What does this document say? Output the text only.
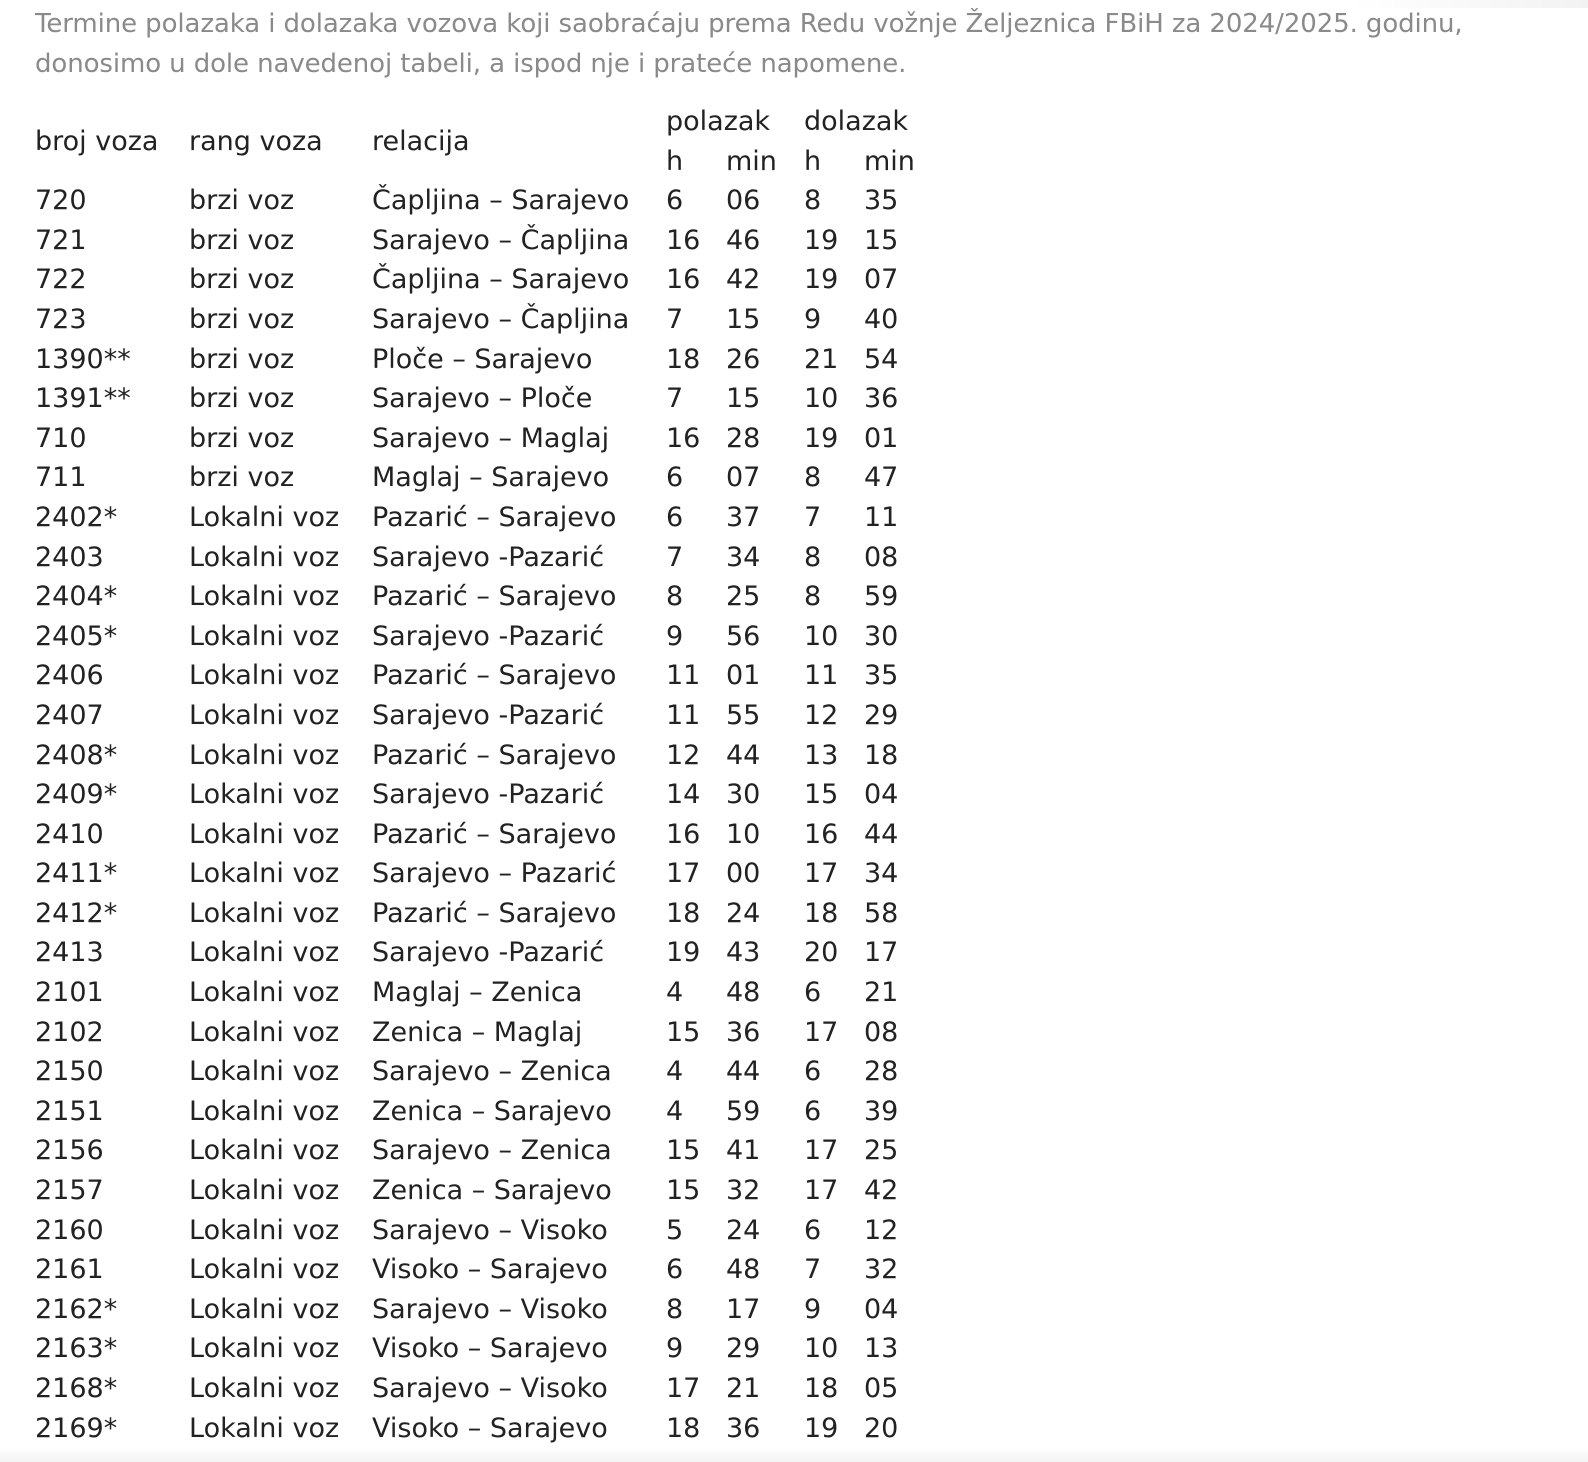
Termine polazaka i dolazaka vozova koji saobraćaju prema Redu vožnje Željeznica FBiH za 2024/2025. godinu, donosimo u dole navedenoj tabeli, a ispod nje i prateće napomene.

broj voza	rang voza	relacija	polazak		dolazak	
			h	min	h	min
720	brzi voz	Čapljina – Sarajevo	6	06	8	35
721	brzi voz	Sarajevo – Čapljina	16	46	19	15
722	brzi voz	Čapljina – Sarajevo	16	42	19	07
723	brzi voz	Sarajevo – Čapljina	7	15	9	40
1390**	brzi voz	Ploče – Sarajevo	18	26	21	54
1391**	brzi voz	Sarajevo – Ploče	7	15	10	36
710	brzi voz	Sarajevo – Maglaj	16	28	19	01
711	brzi voz	Maglaj – Sarajevo	6	07	8	47
2402*	Lokalni voz	Pazarić – Sarajevo	6	37	7	11
2403	Lokalni voz	Sarajevo -Pazarić	7	34	8	08
2404*	Lokalni voz	Pazarić – Sarajevo	8	25	8	59
2405*	Lokalni voz	Sarajevo -Pazarić	9	56	10	30
2406	Lokalni voz	Pazarić – Sarajevo	11	01	11	35
2407	Lokalni voz	Sarajevo -Pazarić	11	55	12	29
2408*	Lokalni voz	Pazarić – Sarajevo	12	44	13	18
2409*	Lokalni voz	Sarajevo -Pazarić	14	30	15	04
2410	Lokalni voz	Pazarić – Sarajevo	16	10	16	44
2411*	Lokalni voz	Sarajevo – Pazarić	17	00	17	34
2412*	Lokalni voz	Pazarić – Sarajevo	18	24	18	58
2413	Lokalni voz	Sarajevo -Pazarić	19	43	20	17
2101	Lokalni voz	Maglaj – Zenica	4	48	6	21
2102	Lokalni voz	Zenica – Maglaj	15	36	17	08
2150	Lokalni voz	Sarajevo – Zenica	4	44	6	28
2151	Lokalni voz	Zenica – Sarajevo	4	59	6	39
2156	Lokalni voz	Sarajevo – Zenica	15	41	17	25
2157	Lokalni voz	Zenica – Sarajevo	15	32	17	42
2160	Lokalni voz	Sarajevo – Visoko	5	24	6	12
2161	Lokalni voz	Visoko – Sarajevo	6	48	7	32
2162*	Lokalni voz	Sarajevo – Visoko	8	17	9	04
2163*	Lokalni voz	Visoko – Sarajevo	9	29	10	13
2168*	Lokalni voz	Sarajevo – Visoko	17	21	18	05
2169*	Lokalni voz	Visoko – Sarajevo	18	36	19	20
